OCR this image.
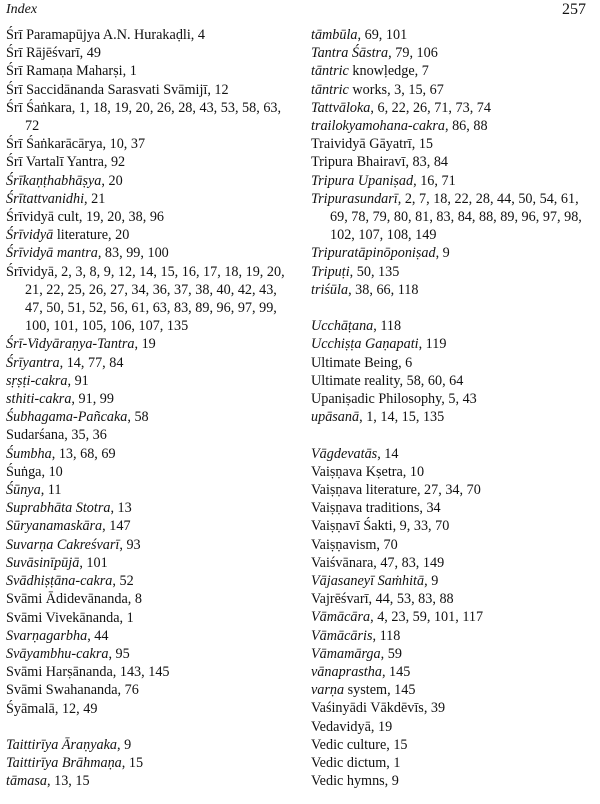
Index	257
Śrī Paramapūjya A.N. Hurakaḍli, 4
Śrī Rājēśvarī, 49
Śrī Ramaṇa Maharṣi, 1
Śrī Saccidānanda Sarasvati Svāmijī, 12
Śrī Śaṅkara, 1, 18, 19, 20, 26, 28, 43, 53, 58, 63, 72
Śrī Śaṅkarācārya, 10, 37
Śrī Vartalī Yantra, 92
Śrīkaṇṭhabhāṣya, 20
Śrītattvanidhi, 21
Śrīvidyā cult, 19, 20, 38, 96
Śrīvidyā literature, 20
Śrīvidyā mantra, 83, 99, 100
Śrīvidyā, 2, 3, 8, 9, 12, 14, 15, 16, 17, 18, 19, 20, 21, 22, 25, 26, 27, 34, 36, 37, 38, 40, 42, 43, 47, 50, 51, 52, 56, 61, 63, 83, 89, 96, 97, 99, 100, 101, 105, 106, 107, 135
Śrī-Vidyāraṇya-Tantra, 19
Śrīyantra, 14, 77, 84
sṛṣṭi-cakra, 91
sthiti-cakra, 91, 99
Śubhagama-Pañcaka, 58
Sudarśana, 35, 36
Śumbha, 13, 68, 69
Śuṅga, 10
Śūnya, 11
Suprabhāta Stotra, 13
Sūryanamaskāra, 147
Suvarṇa Cakreśvarī, 93
Suvāsinīpūjā, 101
Svādhiṣṭāna-cakra, 52
Svāmi Ādidevānanda, 8
Svāmi Vivekānanda, 1
Svarṇagarbha, 44
Svāyambhu-cakra, 95
Svāmi Harṣānanda, 143, 145
Svāmi Swahananda, 76
Śyāmalā, 12, 49
Taittirīya Āraṇyaka, 9
Taittirīya Brāhmaṇa, 15
tāmasa, 13, 15
tāmbūla, 69, 101
Tantra Śāstra, 79, 106
tāntric knowḷedge, 7
tāntric works, 3, 15, 67
Tattvāloka, 6, 22, 26, 71, 73, 74
trailokyamohana-cakra, 86, 88
Traividyā Gāyatrī, 15
Tripura Bhairavī, 83, 84
Tripura Upaniṣad, 16, 71
Tripurasundarī, 2, 7, 18, 22, 28, 44, 50, 54, 61, 69, 78, 79, 80, 81, 83, 84, 88, 89, 96, 97, 98, 102, 107, 108, 149
Tripuratāpinōponiṣad, 9
Tripuṭi, 50, 135
triśūla, 38, 66, 118
Ucchāṭana, 118
Ucchiṣṭa Gaṇapati, 119
Ultimate Being, 6
Ultimate reality, 58, 60, 64
Upaniṣadic Philosophy, 5, 43
upāsanā, 1, 14, 15, 135
Vāgdevatās, 14
Vaiṣṇava Kṣetra, 10
Vaiṣṇava literature, 27, 34, 70
Vaiṣṇava traditions, 34
Vaiṣṇavī Śakti, 9, 33, 70
Vaiṣṇavism, 70
Vaiśvānara, 47, 83, 149
Vājasaneyī Saṁhitā, 9
Vajrēśvarī, 44, 53, 83, 88
Vāmācāra, 4, 23, 59, 101, 117
Vāmācāris, 118
Vāmamārga, 59
vānaprastha, 145
varṇa system, 145
Vaśinyādi Vākdēvīs, 39
Vedavidyā, 19
Vedic culture, 15
Vedic dictum, 1
Vedic hymns, 9
